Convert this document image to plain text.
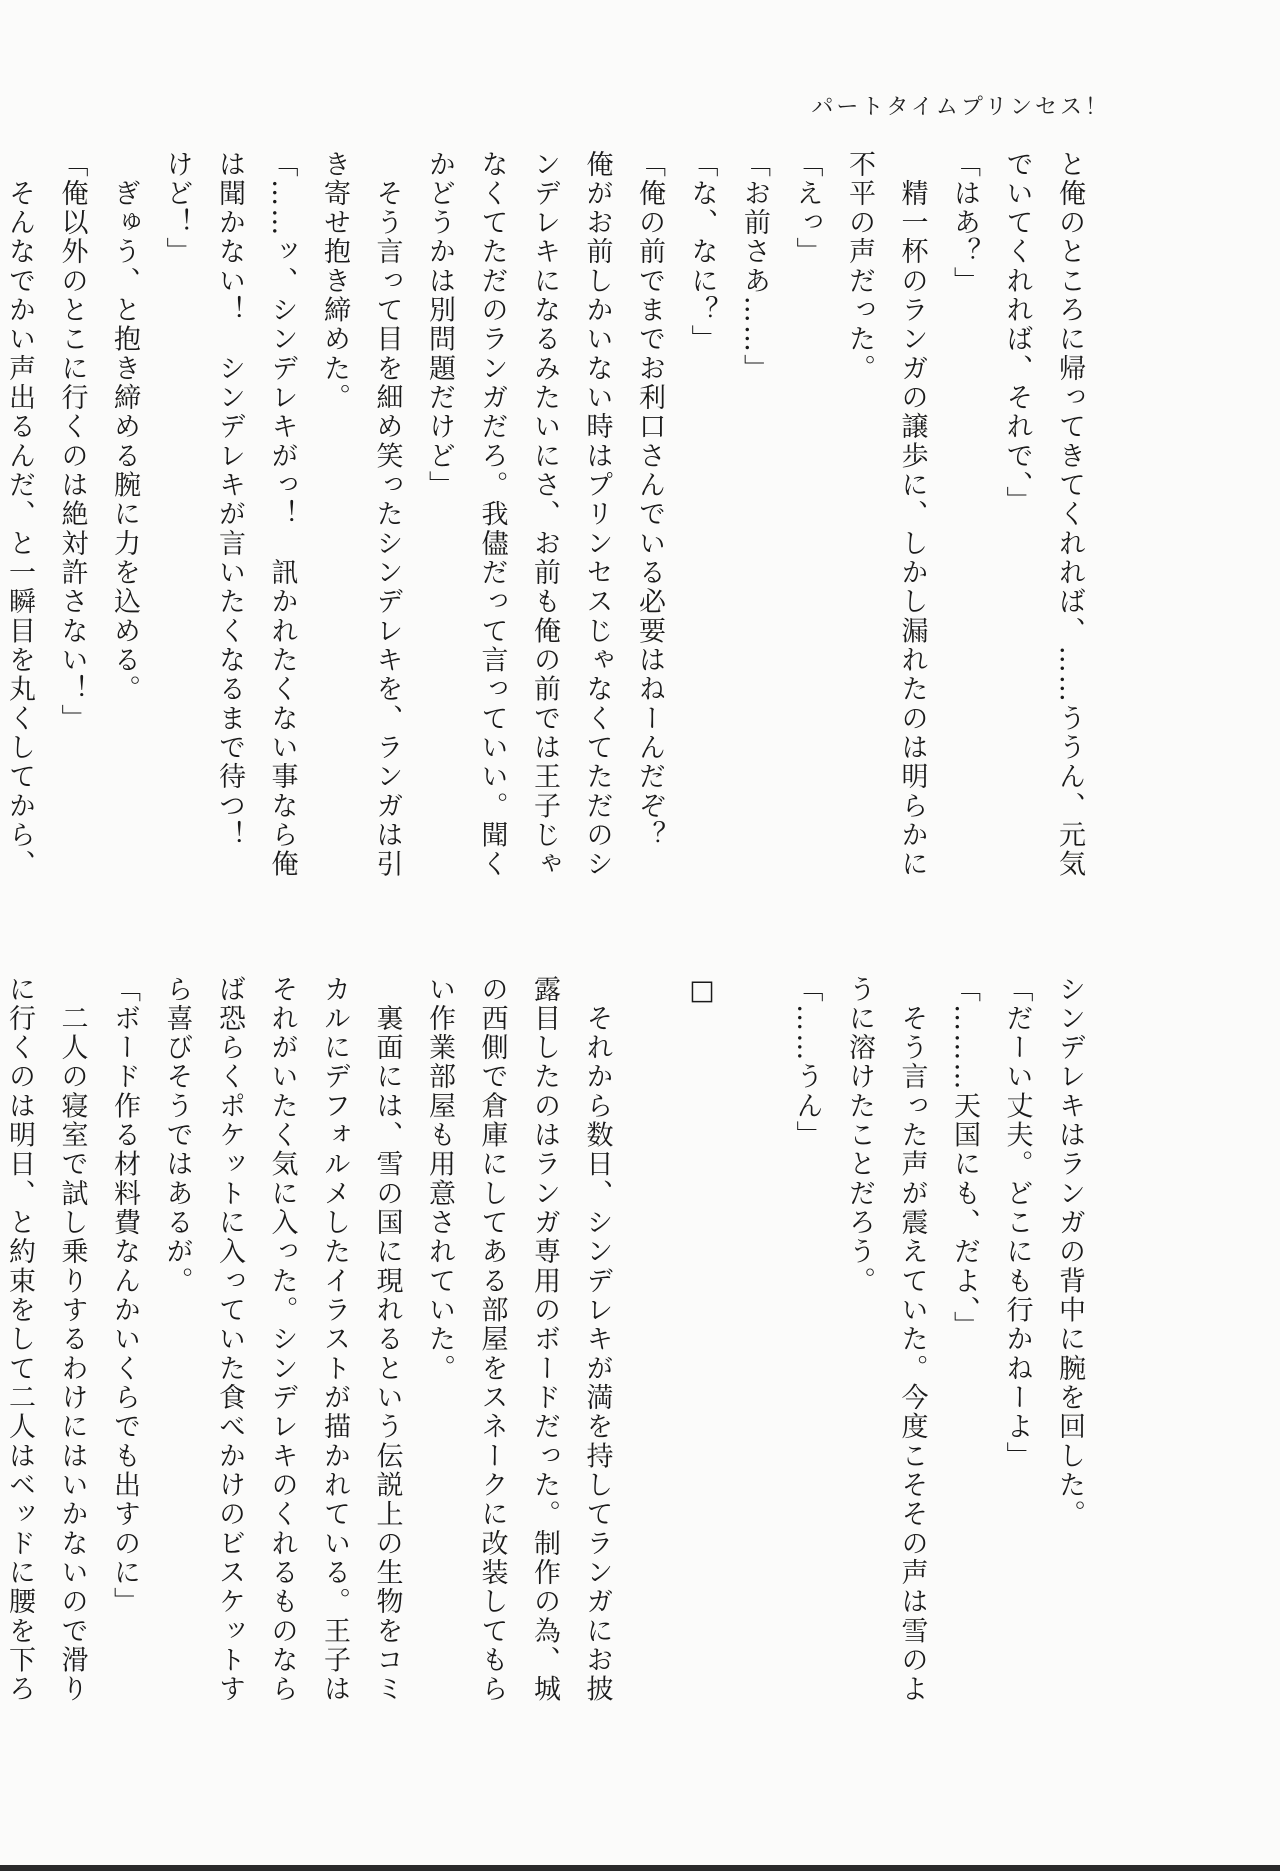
パートタイムプリンセス！
と俺のところに帰ってきてくれれば、……ううん、元気
でいてくれれば、それで、」
「はあ？」
　精一杯のランガの譲歩に、しかし漏れたのは明らかに
不平の声だった。
「えっ」
「お前さあ……」
「な、なに？」
「俺の前でまでお利口さんでいる必要はねーんだぞ？
俺がお前しかいない時はプリンセスじゃなくてただのシ
ンデレキになるみたいにさ、お前も俺の前では王子じゃ
なくてただのランガだろ。我儘だって言っていい。聞く
かどうかは別問題だけど」
　そう言って目を細め笑ったシンデレキを、ランガは引
き寄せ抱き締めた。
「……ッ、シンデレキがっ！　訊かれたくない事なら俺
は聞かない！　シンデレキが言いたくなるまで待つ！
けど！」
　ぎゅう、と抱き締める腕に力を込める。
「俺以外のとこに行くのは絶対許さない！」
　そんなでかい声出るんだ、と一瞬目を丸くしてから、
シンデレキはランガの背中に腕を回した。
「だーい丈夫。どこにも行かねーよ」
「………天国にも、だよ、」
　そう言った声が震えていた。今度こそその声は雪のよ
うに溶けたことだろう。
「……うん」
□
　それから数日、シンデレキが満を持してランガにお披
露目したのはランガ専用のボードだった。制作の為、城
の西側で倉庫にしてある部屋をスネークに改装してもら
い作業部屋も用意されていた。
　裏面には、雪の国に現れるという伝説上の生物をコミ
カルにデフォルメしたイラストが描かれている。王子は
それがいたく気に入った。シンデレキのくれるものなら
ば恐らくポケットに入っていた食べかけのビスケットす
ら喜びそうではあるが。
「ボード作る材料費なんかいくらでも出すのに」
　二人の寝室で試し乗りするわけにはいかないので滑り
に行くのは明日、と約束をして二人はベッドに腰を下ろ
